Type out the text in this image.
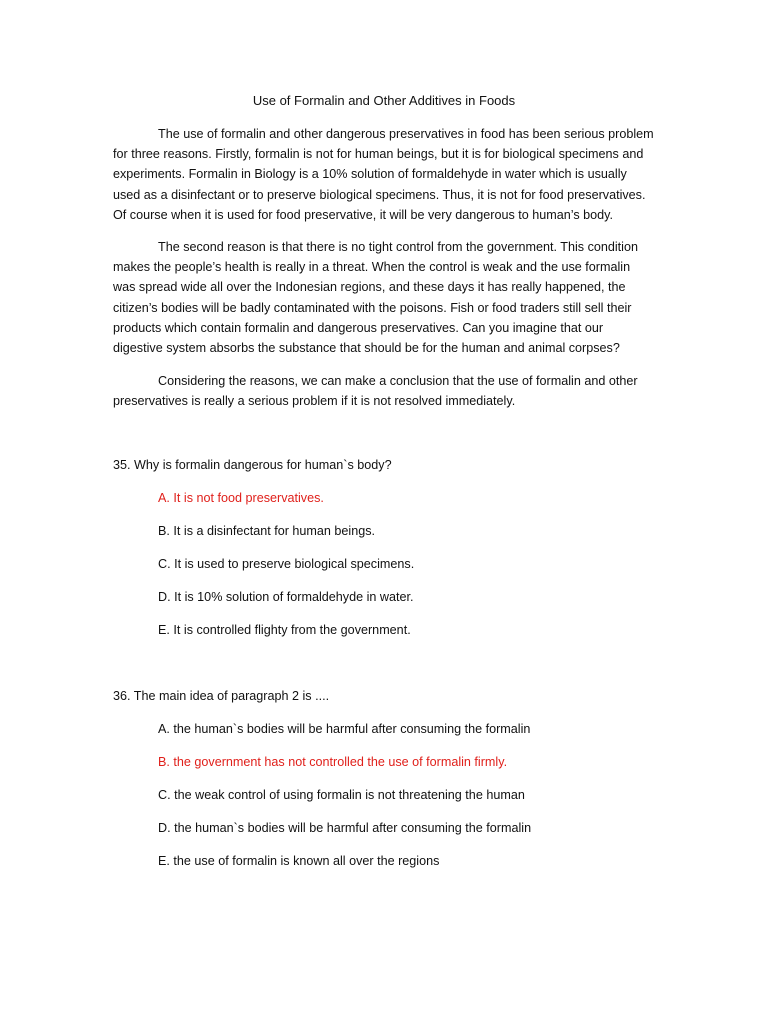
Use of Formalin and Other Additives in Foods
The use of formalin and other dangerous preservatives in food has been serious problem
for three reasons. Firstly, formalin is not for human beings, but it is for biological specimens and
experiments. Formalin in Biology is a 10% solution of formaldehyde in water which is usually
used as a disinfectant or to preserve biological specimens. Thus, it is not for food preservatives.
Of course when it is used for food preservative, it will be very dangerous to human’s body.
The second reason is that there is no tight control from the government. This condition
makes the people’s health is really in a threat. When the control is weak and the use formalin
was spread wide all over the Indonesian regions, and these days it has really happened, the
citizen’s bodies will be badly contaminated with the poisons. Fish or food traders still sell their
products which contain formalin and dangerous preservatives. Can you imagine that our
digestive system absorbs the substance that should be for the human and animal corpses?
Considering the reasons, we can make a conclusion that the use of formalin and other
preservatives is really a serious problem if it is not resolved immediately.
35. Why is formalin dangerous for human`s body?
A. It is not food preservatives.
B. It is a disinfectant for human beings.
C. It is used to preserve biological specimens.
D. It is 10% solution of formaldehyde in water.
E. It is controlled flighty from the government.
36. The main idea of paragraph 2 is ....
A. the human`s bodies will be harmful after consuming the formalin
B. the government has not controlled the use of formalin firmly.
C. the weak control of using formalin is not threatening the human
D. the human`s bodies will be harmful after consuming the formalin
E. the use of formalin is known all over the regions
